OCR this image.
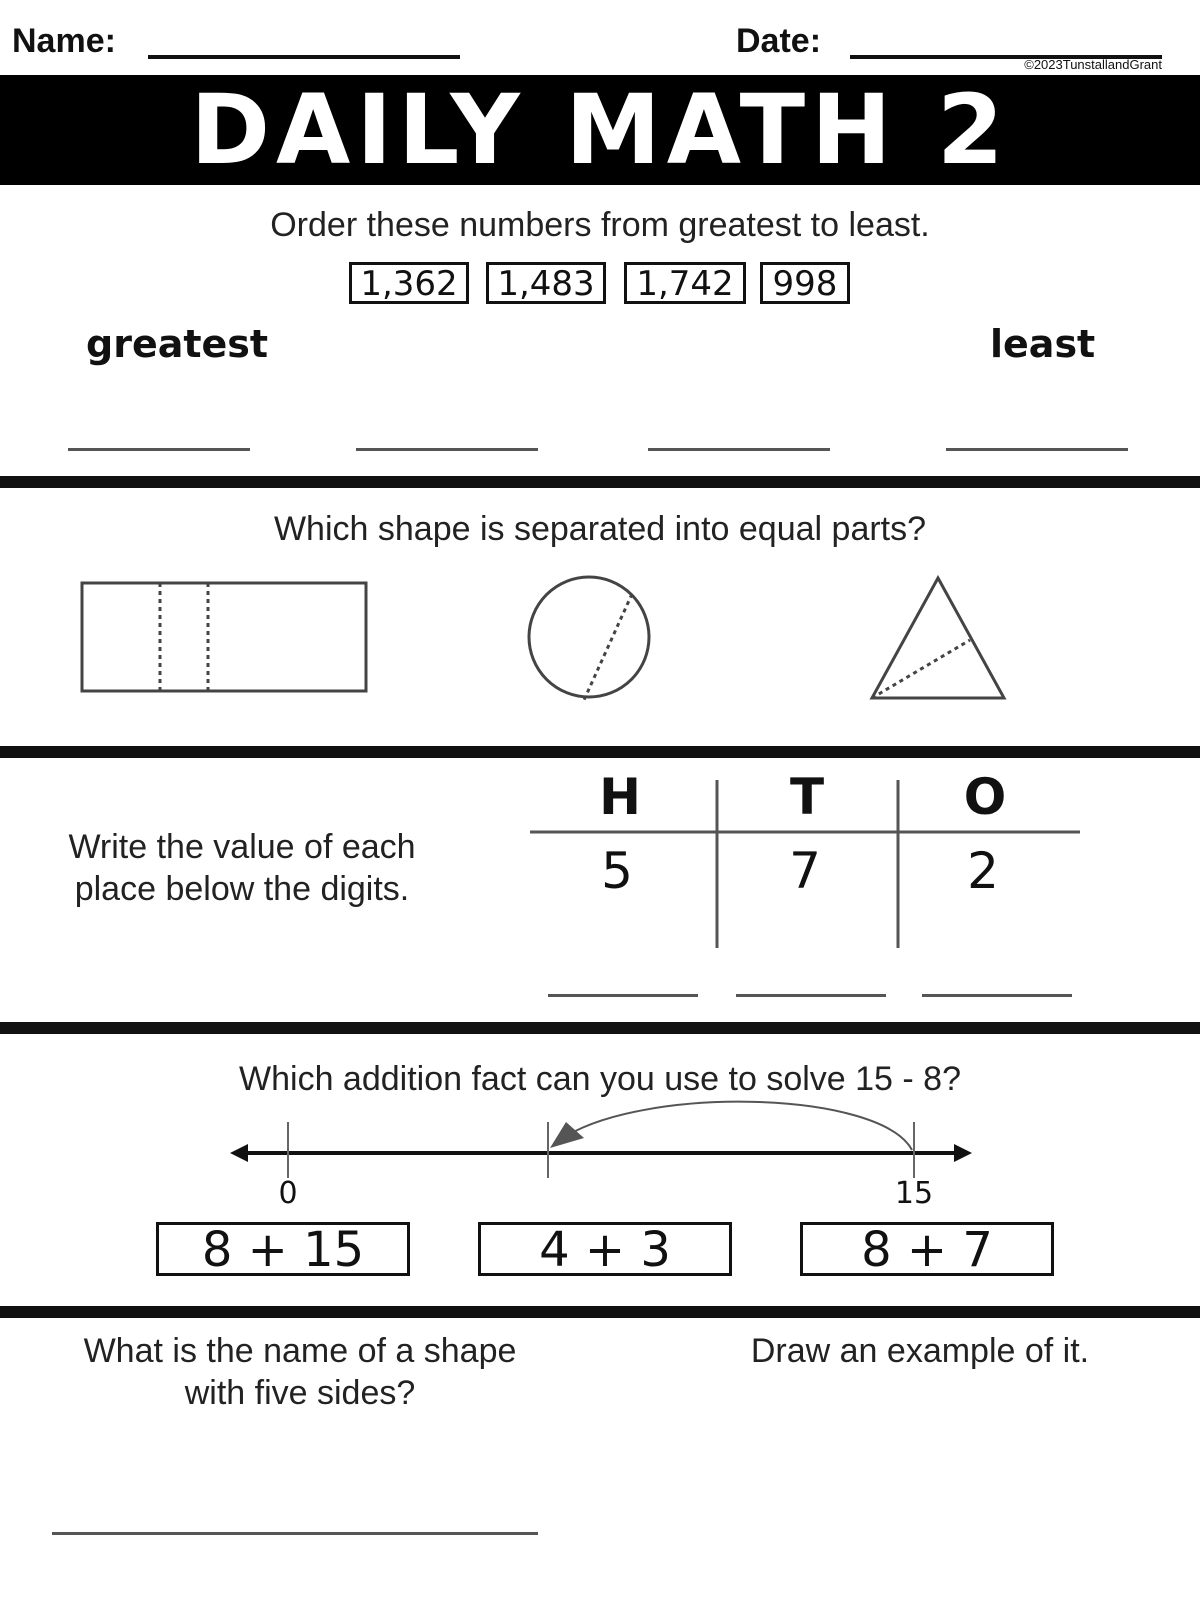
Name:	Date:
©2023TunstallandGrant
DAILY MATH 2
Order these numbers from greatest to least.
1,362	1,483	1,742	998
greatest	least
Which shape is separated into equal parts?
Write the value of each
place below the digits.
H	T	O
5	7	2
Which addition fact can you use to solve 15 - 8?
0	15
8 + 15	4 + 3	8 + 7
What is the name of a shape
with five sides?
Draw an example of it.
